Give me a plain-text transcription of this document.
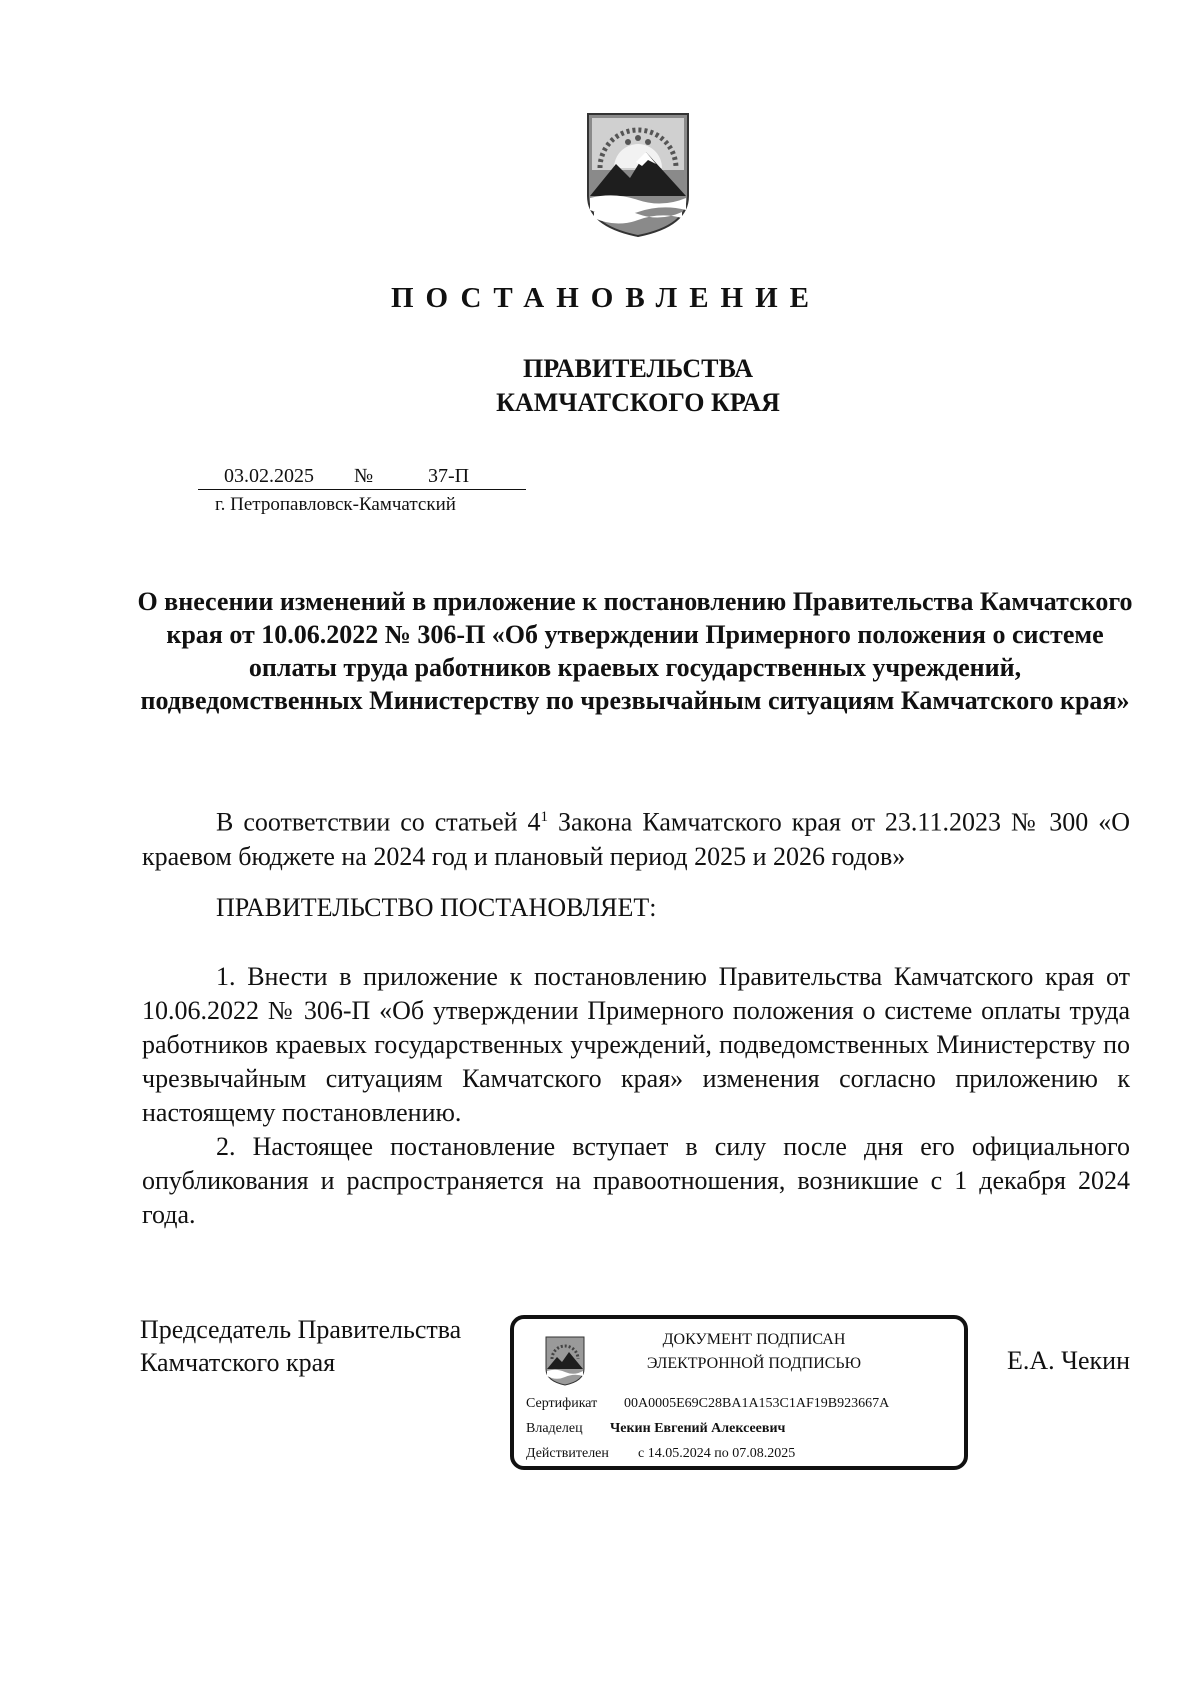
ПОСТАНОВЛЕНИЕ
ПРАВИТЕЛЬСТВА
КАМЧАТСКОГО КРАЯ
03.02.2025 №	37-П
г. Петропавловск-Камчатский
О внесении изменений в приложение к постановлению Правительства Камчатского края от 10.06.2022 № 306-П «Об утверждении Примерного положения о системе оплаты труда работников краевых государственных учреждений, подведомственных Министерству по чрезвычайным ситуациям Камчатского края»

В соответствии со статьей $4^1$ Закона Камчатского края от 23.11.2023 № 300 «О краевом бюджете на 2024 год и плановый период 2025 и 2026 годов»

ПРАВИТЕЛЬСТВО ПОСТАНОВЛЯЕТ:

1. Внести в приложение к постановлению Правительства Камчатского края от 10.06.2022 № 306-П «Об утверждении Примерного положения о системе оплаты труда работников краевых государственных учреждений, подведомственных Министерству по чрезвычайным ситуациям Камчатского края» изменения согласно приложению к настоящему постановлению.

2. Настоящее постановление вступает в силу после дня его официального опубликования и распространяется на правоотношения, возникшие с 1 декабря 2024 года.

Председатель Правительства
Камчатского края
ДОКУМЕНТ ПОДПИСАН
ЭЛЕКТРОННОЙ ПОДПИСЬЮ
Сертификат 00A0005E69C28BA1A153C1AF19B923667A
Владелец Чекин Евгений Алексеевич
Действителен с 14.05.2024 по 07.08.2025
Е.А. Чекин
